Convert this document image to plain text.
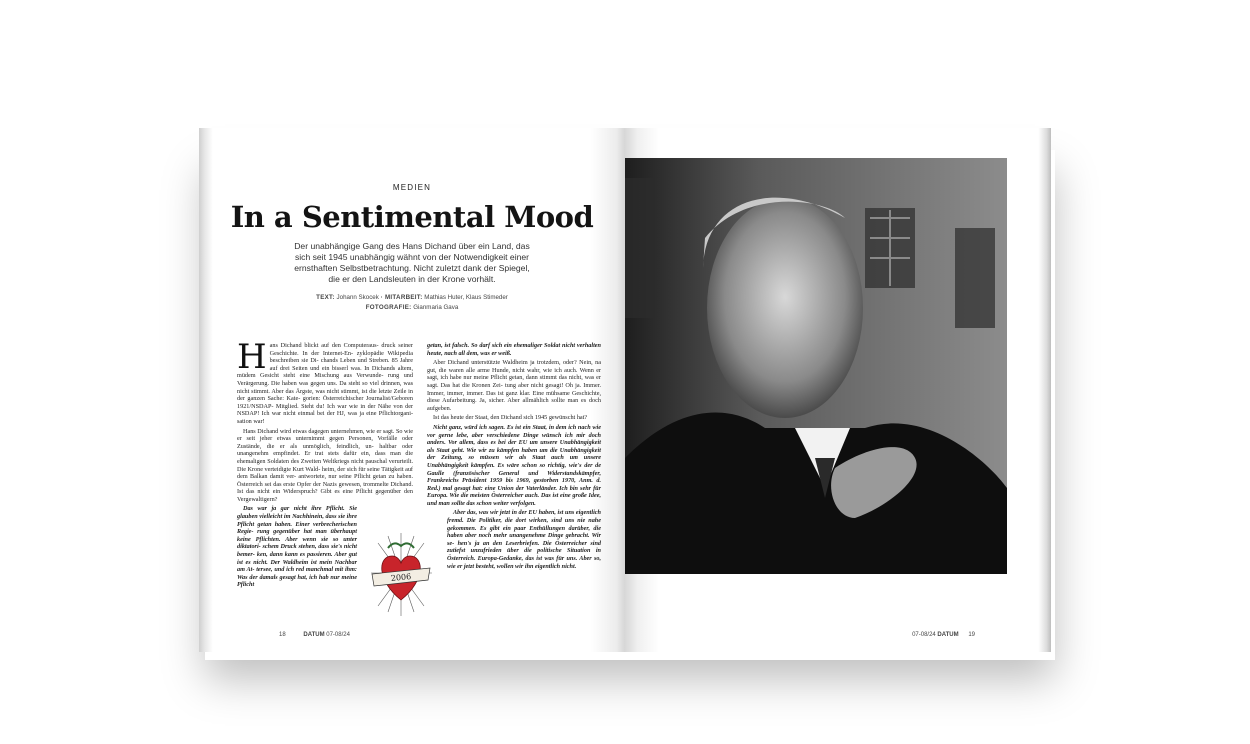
MEDIEN
In a Sentimental Mood
Der unabhängige Gang des Hans Dichand über ein Land, das sich seit 1945 unabhängig wähnt von der Notwendigkeit einer ernsthaften Selbstbetrachtung. Nicht zuletzt dank der Spiegel, die er den Landsleuten in der Krone vorhält.
TEXT: Johann Skocek · MITARBEIT: Mathias Huter, Klaus Stimeder
FOTOGRAFIE: Gianmaria Gava
H ans Dichand blickt auf den Computeraus- druck seiner Geschichte. In der Internet-En- zyklopädie Wikipedia beschreiben sie Di- chands Leben und Streben. 85 Jahre auf drei Seiten und ein bisserl was. In Dichands altem, müdem Gesicht steht eine Mischung aus Verwunde- rung und Verärgerung. Die haben was gegen uns. Da steht so viel drinnen, was nicht stimmt. Aber das Ärgste, was nicht stimmt, ist die letzte Zeile in der ganzen Sache: Kate- gorien: Österreichischer Journalist/Geboren 1921/NSDAP- Mitglied. Steht du! Ich war wie in der Nähe von der NSDAP! Ich war nicht einmal bei der HJ, was ja eine Pflichtorgani- sation war!

Hans Dichand wird etwas dagegen unternehmen, wie er sagt. So wie er seit jeher etwas unternimmt gegen Personen, Vorfälle oder Zustände, die er als unmöglich, feindlich, un- haltbar oder unangenehm empfindet. Er trat stets dafür ein, dass man die ehemaligen Soldaten des Zweiten Weltkriegs nicht pauschal verurteilt. Die Krone verteidigte Kurt Wald- heim, der sich für seine Tätigkeit auf dem Balkan damit ver- antwortete, nur seine Pflicht getan zu haben. Österreich sei das erste Opfer der Nazis gewesen, trommelte Dichand. Ist das nicht ein Widerspruch? Gibt es eine Pflicht gegenüber den Vergewaltigern?

Das war ja gar nicht ihre Pflicht. Sie glauben vielleicht im Nachhinein, dass sie ihre Pflicht getan haben. Einer verbrecherischen Regie- rung gegenüber hat man überhaupt keine Pflichten. Aber wenn sie so unter diktatori- schem Druck stehen, dass sie's nicht bemer- ken, dann kann es passieren. Aber gut ist es nicht. Der Waldheim ist mein Nachbar am At- tersee, und ich red manchmal mit ihm: Was der damals gesagt hat, ich hab nur meine Pflicht

getan, ist falsch. So darf sich ein ehemaliger Soldat nicht verhalten heute, nach all dem, was er weiß.

Aber Dichand unterstützte Waldheim ja trotzdem, oder? Nein, na gut, die waren alle arme Hunde, nicht wahr, wie ich auch. Wenn er sagt, ich habe nur meine Pflicht getan, dann stimmt das nicht, was er sagt. Das hat die Kronen Zei- tung aber nicht gesagt! Oh ja. Immer. Immer, immer, immer. Das ist ganz klar. Eine mühsame Geschichte, diese Aufarbeitung. Ja, sicher. Aber allmählich sollte man es doch aufgeben.

Ist das heute der Staat, den Dichand sich 1945 gewünscht hat?

Nicht ganz, würd ich sagen. Es ist ein Staat, in dem ich nach wie vor gerne lebe, aber verschiedene Dinge wünsch ich mir doch anders. Vor allem, dass es bei der EU um unsere Unabhängigkeit als Staat geht. Wie wir zu kämpfen haben um die Unabhängigkeit der Zeitung, so müssen wir als Staat auch um unsere Unabhängigkeit kämpfen. Es wäre schon so richtig, wie's der de Gaulle (französischer General und Widerstandskämpfer, Frankreichs Präsident 1959 bis 1969, gestorben 1970, Anm. d. Red.) mal gesagt hat: eine Union der Vaterländer. Ich bin sehr für Europa. Wie die meisten Österreicher auch. Das ist eine große Idee, und man sollte das schon weiter verfolgen.

Aber das, was wir jetzt in der EU haben, ist uns eigentlich fremd. Die Politiker, die dort wirken, sind uns nie nahe gekommen. Es gibt ein paar Enthüllungen darüber, die haben aber noch mehr unangenehme Dinge gebracht. Wir se- hen's ja an den Leserbriefen. Die Österreicher sind zutiefst unzufrieden über die politische Situation in Österreich. Europa-Gedanke, das ist was für uns. Aber so, wie er jetzt besteht, wollen wir ihn eigentlich nicht.

2006
18	DATUM 07-08/24	07-08/24 DATUM 19
